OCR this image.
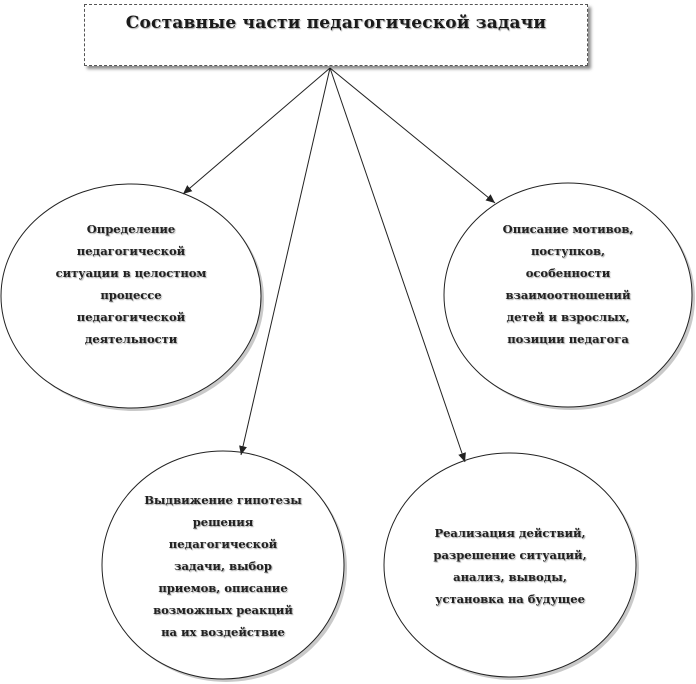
Составные части педагогической задачи
Определение
педагогической
ситуации в целостном
процессе
педагогической
деятельности
Описание мотивов,
поступков,
особенности
взаимоотношений
детей и взрослых,
позиции педагога
Выдвижение гипотезы
решения
педагогической
задачи, выбор
приемов, описание
возможных реакций
на их воздействие
Реализация действий,
разрешение ситуаций,
анализ, выводы,
установка на будущее
